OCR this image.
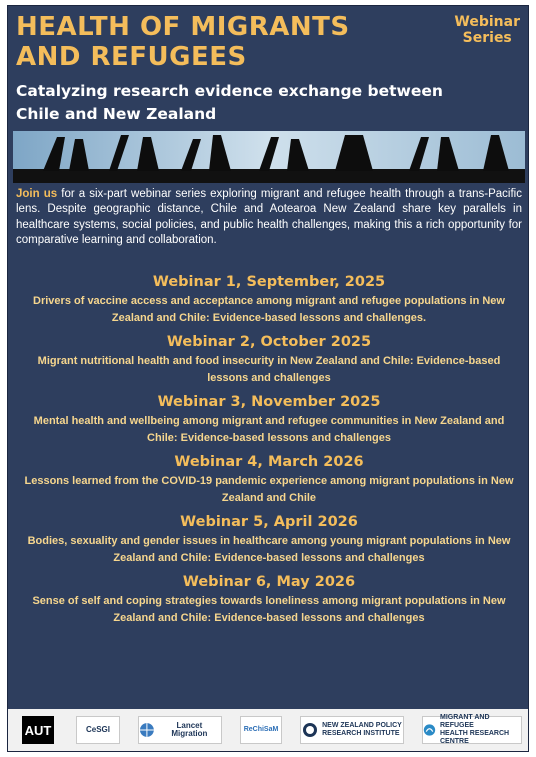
HEALTH OF MIGRANTS
AND REFUGEES
Webinar
Series
Catalyzing research evidence exchange between
Chile and New Zealand
Join us for a six-part webinar series exploring migrant and refugee health through a trans-Pacific lens. Despite geographic distance, Chile and Aotearoa New Zealand share key parallels in healthcare systems, social policies, and public health challenges, making this a rich opportunity for comparative learning and collaboration.
Webinar 1, September, 2025
Drivers of vaccine access and acceptance among migrant and refugee populations in New Zealand and Chile: Evidence-based lessons and challenges.
Webinar 2, October 2025
Migrant nutritional health and food insecurity in New Zealand and Chile: Evidence-based lessons and challenges
Webinar 3, November 2025
Mental health and wellbeing among migrant and refugee communities in New Zealand and Chile: Evidence-based lessons and challenges
Webinar 4, March 2026
Lessons learned from the COVID-19 pandemic experience among migrant populations in New Zealand and Chile
Webinar 5, April 2026
Bodies, sexuality and gender issues in healthcare among young migrant populations in New Zealand and Chile: Evidence-based lessons and challenges
Webinar 6, May 2026
Sense of self and coping strategies towards loneliness among migrant populations in New Zealand and Chile: Evidence-based lessons and challenges
AUT	CeSGI	Lancet Migration	ReChiSaM
NEW ZEALAND POLICY
RESEARCH INSTITUTE
MIGRANT AND REFUGEE
HEALTH RESEARCH CENTRE
